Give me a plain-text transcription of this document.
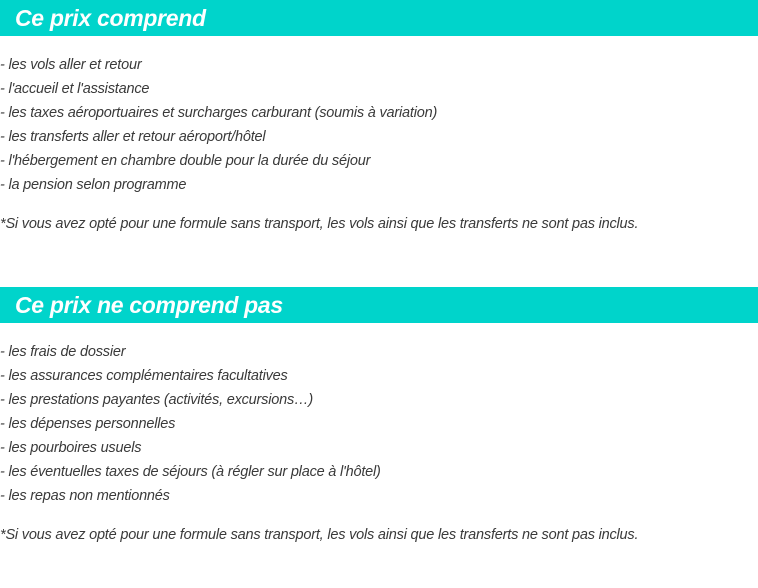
Ce prix comprend
- les vols aller et retour
- l'accueil et l'assistance
- les taxes aéroportuaires et surcharges carburant (soumis à variation)
- les transferts aller et retour aéroport/hôtel
- l'hébergement en chambre double pour la durée du séjour
- la pension selon programme

*Si vous avez opté pour une formule sans transport, les vols ainsi que les transferts ne sont pas inclus.

Ce prix ne comprend pas
- les frais de dossier
- les assurances complémentaires facultatives
- les prestations payantes (activités, excursions…)
- les dépenses personnelles
- les pourboires usuels
- les éventuelles taxes de séjours (à régler sur place à l'hôtel)
- les repas non mentionnés

*Si vous avez opté pour une formule sans transport, les vols ainsi que les transferts ne sont pas inclus.
